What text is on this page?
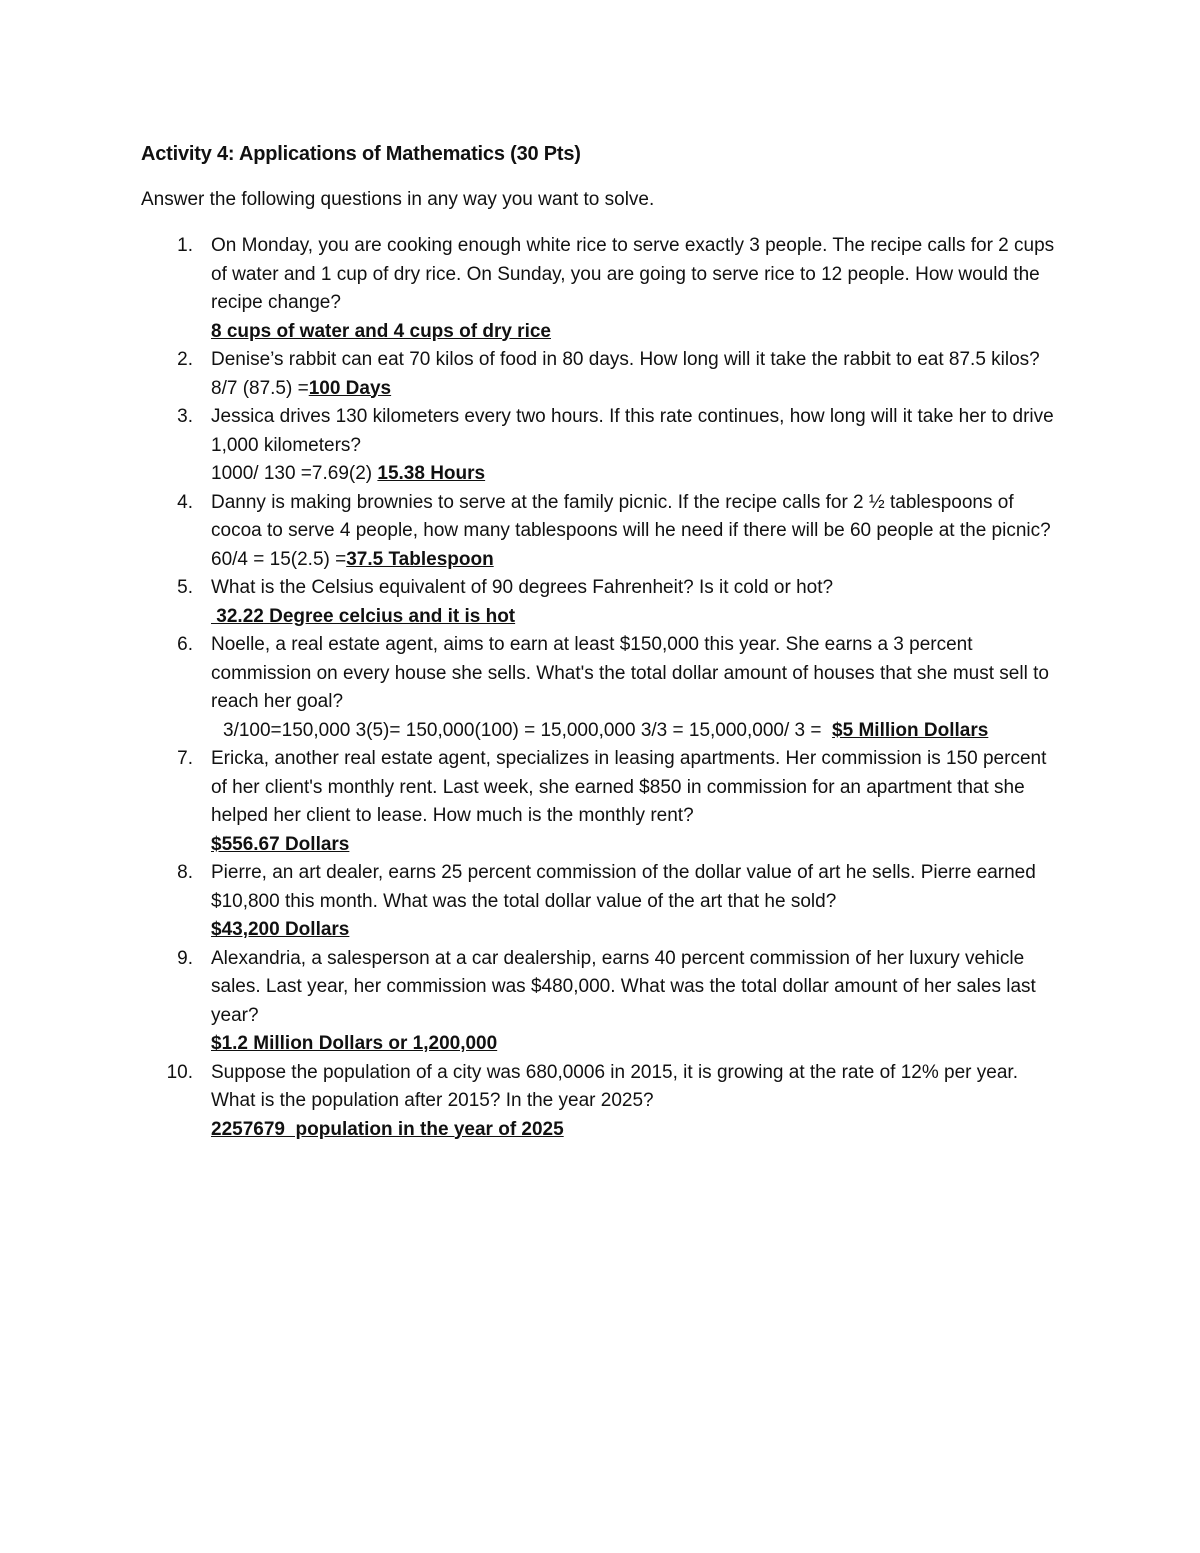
Activity 4: Applications of Mathematics (30 Pts)
Answer the following questions in any way you want to solve.
1. On Monday, you are cooking enough white rice to serve exactly 3 people. The recipe calls for 2 cups of water and 1 cup of dry rice. On Sunday, you are going to serve rice to 12 people. How would the recipe change?
8 cups of water and 4 cups of dry rice
2. Denise’s rabbit can eat 70 kilos of food in 80 days. How long will it take the rabbit to eat 87.5 kilos?
8/7 (87.5) =100 Days
3. Jessica drives 130 kilometers every two hours. If this rate continues, how long will it take her to drive 1,000 kilometers?
1000/ 130 =7.69(2) 15.38 Hours
4. Danny is making brownies to serve at the family picnic. If the recipe calls for 2 ½ tablespoons of cocoa to serve 4 people, how many tablespoons will he need if there will be 60 people at the picnic?
60/4 = 15(2.5) =37.5 Tablespoon
5. What is the Celsius equivalent of 90 degrees Fahrenheit? Is it cold or hot?
32.22 Degree celcius and it is hot
6. Noelle, a real estate agent, aims to earn at least $150,000 this year. She earns a 3 percent commission on every house she sells. What's the total dollar amount of houses that she must sell to reach her goal?
3/100=150,000 3(5)= 150,000(100) = 15,000,000 3/3 = 15,000,000/ 3 =  $5 Million Dollars
7. Ericka, another real estate agent, specializes in leasing apartments. Her commission is 150 percent of her client's monthly rent. Last week, she earned $850 in commission for an apartment that she helped her client to lease. How much is the monthly rent?
$556.67 Dollars
8. Pierre, an art dealer, earns 25 percent commission of the dollar value of art he sells. Pierre earned $10,800 this month. What was the total dollar value of the art that he sold?
$43,200 Dollars
9. Alexandria, a salesperson at a car dealership, earns 40 percent commission of her luxury vehicle sales. Last year, her commission was $480,000. What was the total dollar amount of her sales last year?
$1.2 Million Dollars or 1,200,000
10. Suppose the population of a city was 680,0006 in 2015, it is growing at the rate of 12% per year. What is the population after 2015? In the year 2025?
2257679  population in the year of 2025
